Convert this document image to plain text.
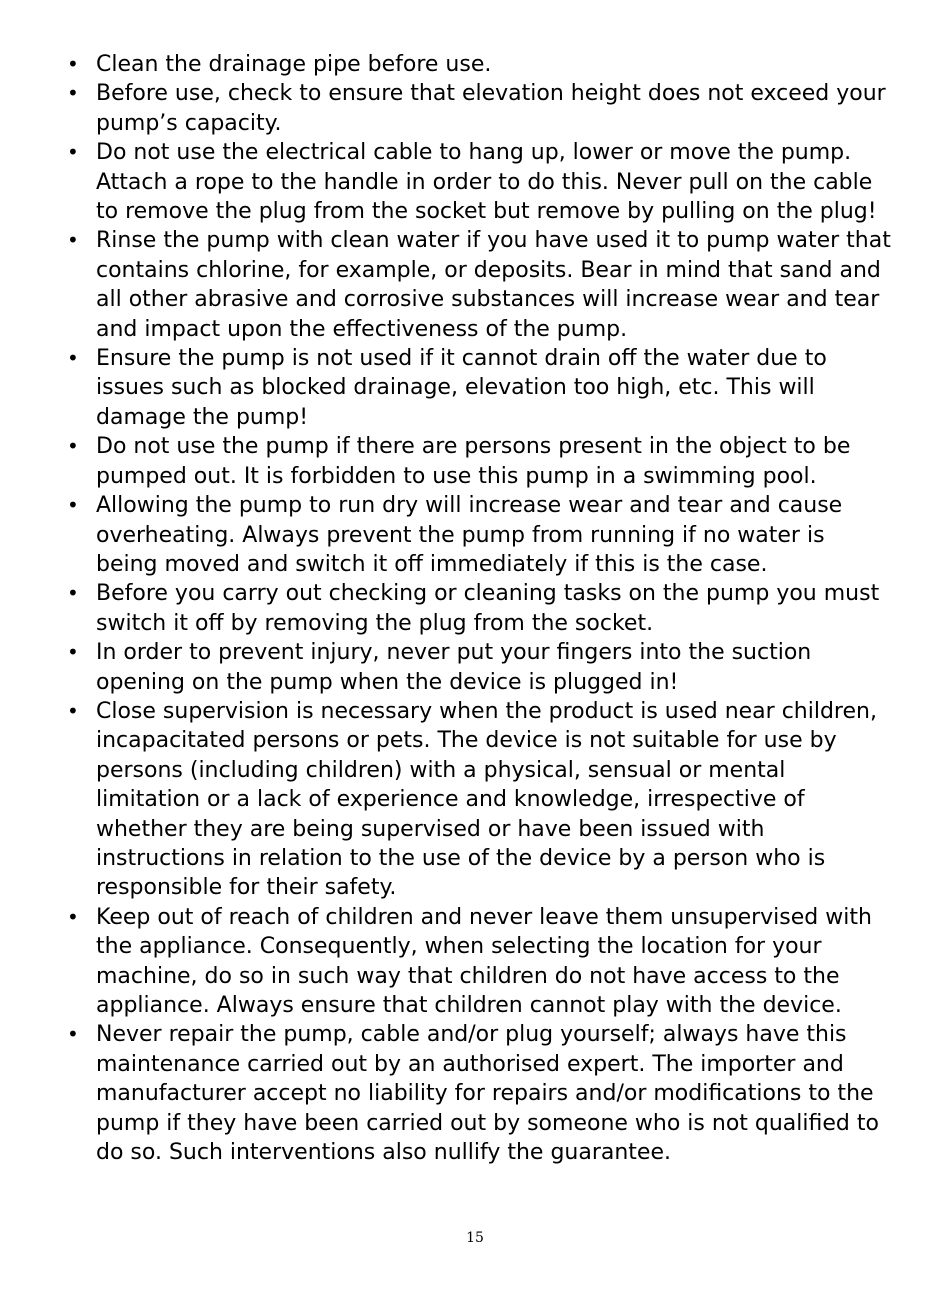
• Clean the drainage pipe before use.
• Before use, check to ensure that elevation height does not exceed your pump’s capacity.
• Do not use the electrical cable to hang up, lower or move the pump. Attach a rope to the handle in order to do this. Never pull on the cable to remove the plug from the socket but remove by pulling on the plug!
• Rinse the pump with clean water if you have used it to pump water that contains chlorine, for example, or deposits. Bear in mind that sand and all other abrasive and corrosive substances will increase wear and tear and impact upon the effectiveness of the pump.
• Ensure the pump is not used if it cannot drain off the water due to issues such as blocked drainage, elevation too high, etc. This will damage the pump!
• Do not use the pump if there are persons present in the object to be pumped out. It is forbidden to use this pump in a swimming pool.
• Allowing the pump to run dry will increase wear and tear and cause overheating. Always prevent the pump from running if no water is being moved and switch it off immediately if this is the case.
• Before you carry out checking or cleaning tasks on the pump you must switch it off by removing the plug from the socket.
• In order to prevent injury, never put your fingers into the suction opening on the pump when the device is plugged in!
• Close supervision is necessary when the product is used near children, incapacitated persons or pets. The device is not suitable for use by persons (including children) with a physical, sensual or mental limitation or a lack of experience and knowledge, irrespective of whether they are being supervised or have been issued with instructions in relation to the use of the device by a person who is responsible for their safety.
• Keep out of reach of children and never leave them unsupervised with the appliance. Consequently, when selecting the location for your machine, do so in such way that children do not have access to the appliance. Always ensure that children cannot play with the device.
• Never repair the pump, cable and/or plug yourself; always have this maintenance carried out by an authorised expert. The importer and manufacturer accept no liability for repairs and/or modifications to the pump if they have been carried out by someone who is not qualified to do so. Such interventions also nullify the guarantee.
15
